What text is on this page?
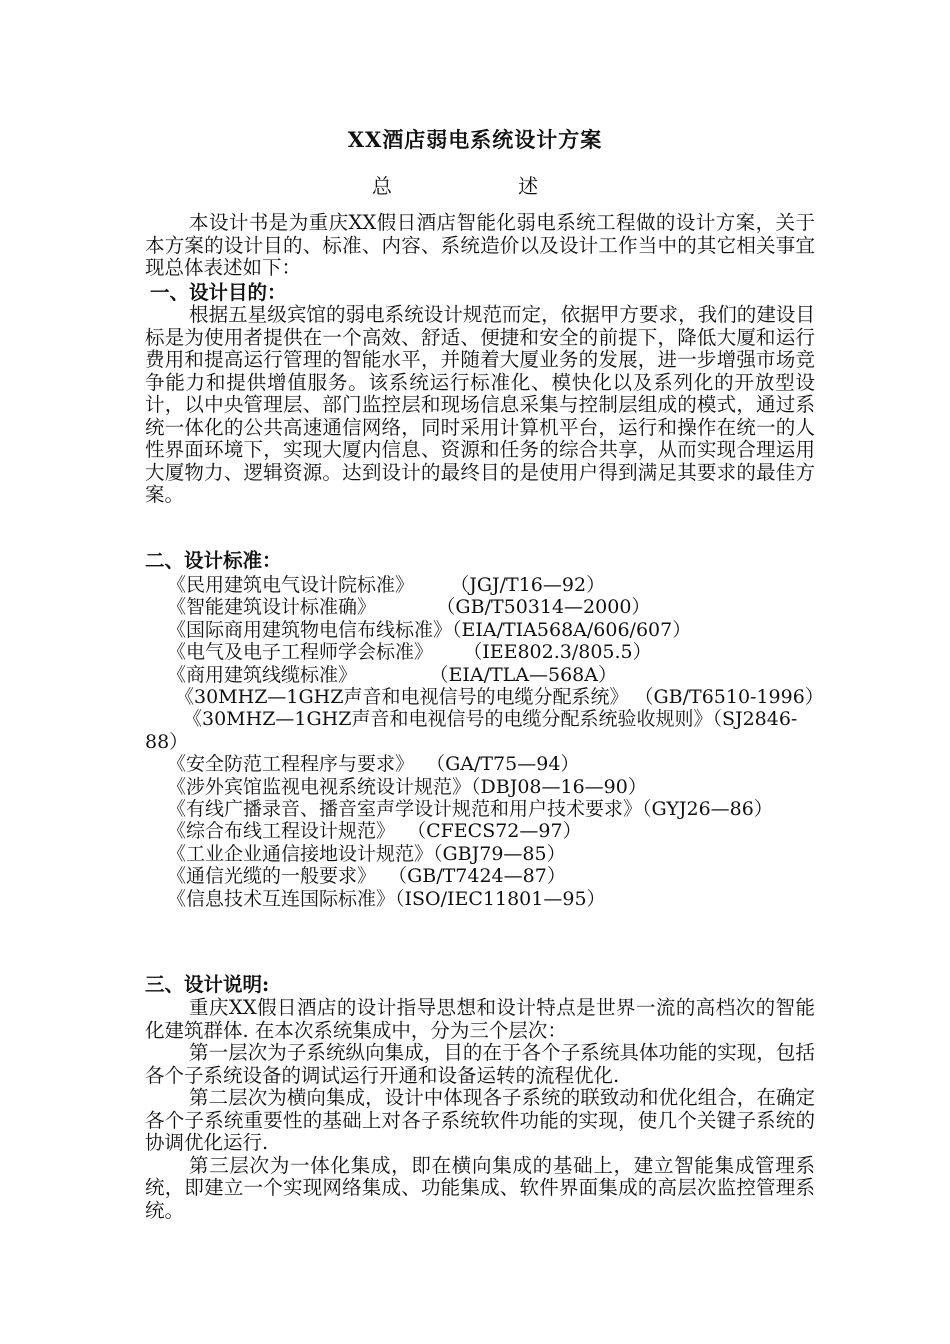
XX酒店弱电系统设计方案
总 述

本设计书是为重庆XX假日酒店智能化弱电系统工程做的设计方案，关于本方案的设计目的、标准、内容、系统造价以及设计工作当中的其它相关事宜现总体表述如下：

一、设计目的：

根据五星级宾馆的弱电系统设计规范而定，依据甲方要求，我们的建设目标是为使用者提供在一个高效、舒适、便捷和安全的前提下，降低大厦和运行费用和提高运行管理的智能水平，并随着大厦业务的发展，进一步增强市场竞争能力和提供增值服务。该系统运行标准化、模快化以及系列化的开放型设计，以中央管理层、部门监控层和现场信息采集与控制层组成的模式，通过系统一体化的公共高速通信网络，同时采用计算机平台，运行和操作在统一的人性界面环境下，实现大厦内信息、资源和任务的综合共享，从而实现合理运用大厦物力、逻辑资源。达到设计的最终目的是使用户得到满足其要求的最佳方案。

二、设计标准：
《民用建筑电气设计院标准》      （JGJ/T16—92）
《智能建筑设计标准确》          （GB/T50314—2000）
《国际商用建筑物电信布线标准》（EIA/TIA568A/606/607）
《电气及电子工程师学会标准》     （IEE802.3/805.5）
《商用建筑线缆标准》            （EIA/TLA—568A）
《30MHZ—1GHZ声音和电视信号的电缆分配系统》 （GB/T6510-1996）
《30MHZ—1GHZ声音和电视信号的电缆分配系统验收规则》（SJ2846-88）
《安全防范工程程序与要求》  （GA/T75—94）
《涉外宾馆监视电视系统设计规范》（DBJ08—16—90）
《有线广播录音、播音室声学设计规范和用户技术要求》（GYJ26—86）
《综合布线工程设计规范》  （CFECS72—97）
《工业企业通信接地设计规范》（GBJ79—85）
《通信光缆的一般要求》  （GB/T7424—87）
《信息技术互连国际标准》（ISO/IEC11801—95）
三、设计说明:

重庆XX假日酒店的设计指导思想和设计特点是世界一流的高档次的智能化建筑群体. 在本次系统集成中，分为三个层次：

第一层次为子系统纵向集成，目的在于各个子系统具体功能的实现，包括各个子系统设备的调试运行开通和设备运转的流程优化.

第二层次为横向集成，设计中体现各子系统的联致动和优化组合，在确定各个子系统重要性的基础上对各子系统软件功能的实现，使几个关键子系统的协调优化运行.

第三层次为一体化集成，即在横向集成的基础上，建立智能集成管理系统，即建立一个实现网络集成、功能集成、软件界面集成的高层次监控管理系统。
